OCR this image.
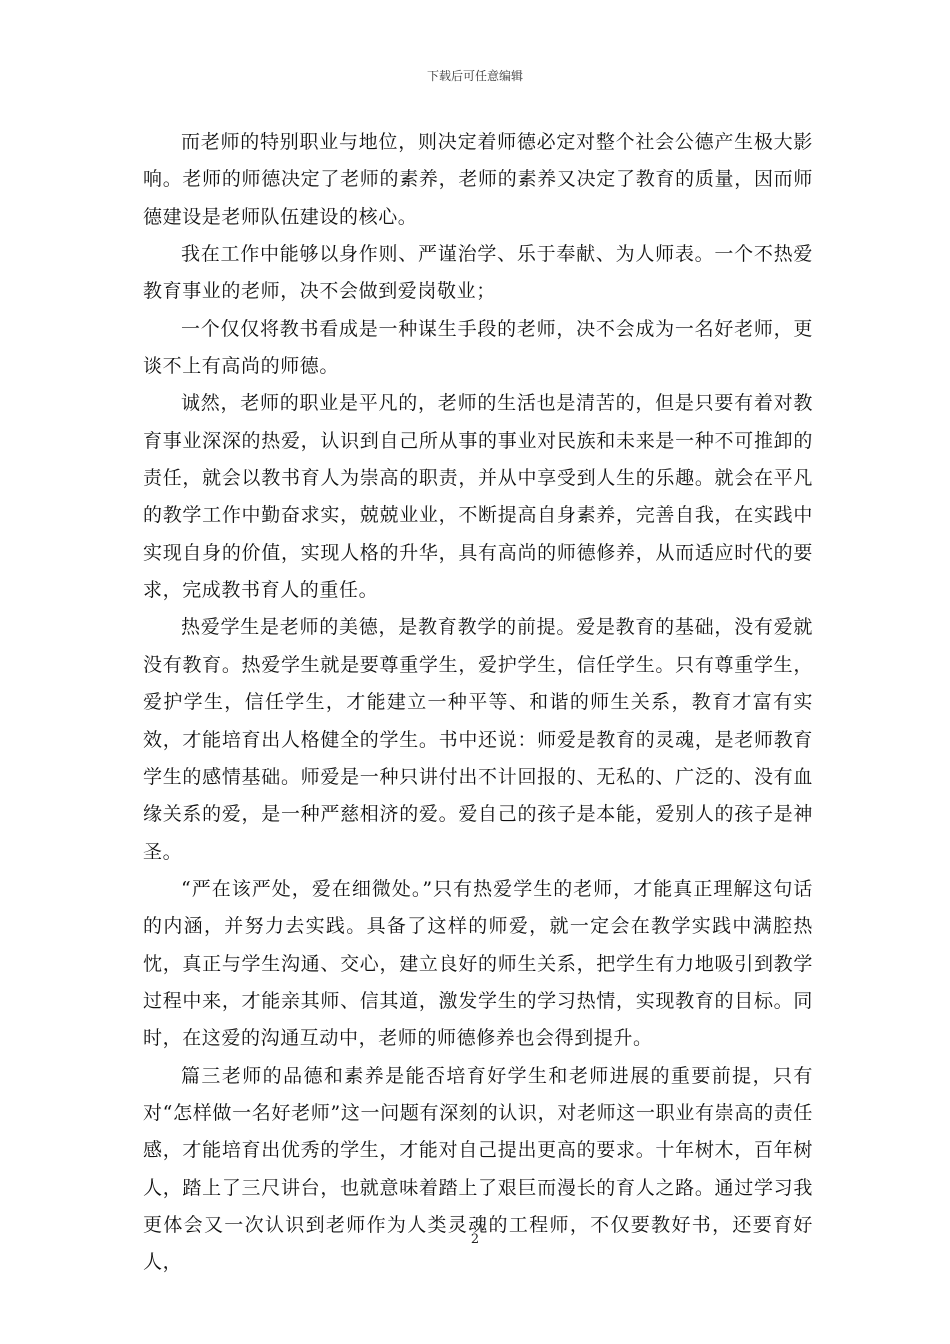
下载后可任意编辑

而老师的特别职业与地位，则决定着师德必定对整个社会公德产生极大影响。老师的师德决定了老师的素养，老师的素养又决定了教育的质量，因而师德建设是老师队伍建设的核心。

我在工作中能够以身作则、严谨治学、乐于奉献、为人师表。一个不热爱教育事业的老师，决不会做到爱岗敬业；

一个仅仅将教书看成是一种谋生手段的老师，决不会成为一名好老师，更谈不上有高尚的师德。

诚然，老师的职业是平凡的，老师的生活也是清苦的，但是只要有着对教育事业深深的热爱，认识到自己所从事的事业对民族和未来是一种不可推卸的责任，就会以教书育人为崇高的职责，并从中享受到人生的乐趣。就会在平凡的教学工作中勤奋求实，兢兢业业，不断提高自身素养，完善自我，在实践中实现自身的价值，实现人格的升华，具有高尚的师德修养，从而适应时代的要求，完成教书育人的重任。

热爱学生是老师的美德，是教育教学的前提。爱是教育的基础，没有爱就没有教育。热爱学生就是要尊重学生，爱护学生，信任学生。只有尊重学生，爱护学生，信任学生，才能建立一种平等、和谐的师生关系，教育才富有实效，才能培育出人格健全的学生。书中还说：师爱是教育的灵魂，是老师教育学生的感情基础。师爱是一种只讲付出不计回报的、无私的、广泛的、没有血缘关系的爱，是一种严慈相济的爱。爱自己的孩子是本能，爱别人的孩子是神圣。

“严在该严处，爱在细微处。”只有热爱学生的老师，才能真正理解这句话的内涵，并努力去实践。具备了这样的师爱，就一定会在教学实践中满腔热忱，真正与学生沟通、交心，建立良好的师生关系，把学生有力地吸引到教学过程中来，才能亲其师、信其道，激发学生的学习热情，实现教育的目标。同时，在这爱的沟通互动中，老师的师德修养也会得到提升。

篇三老师的品德和素养是能否培育好学生和老师进展的重要前提，只有对“怎样做一名好老师”这一问题有深刻的认识，对老师这一职业有崇高的责任感，才能培育出优秀的学生，才能对自己提出更高的要求。十年树木，百年树人，踏上了三尺讲台，也就意味着踏上了艰巨而漫长的育人之路。通过学习我更体会又一次认识到老师作为人类灵魂的工程师，不仅要教好书，还要育好人，

2
